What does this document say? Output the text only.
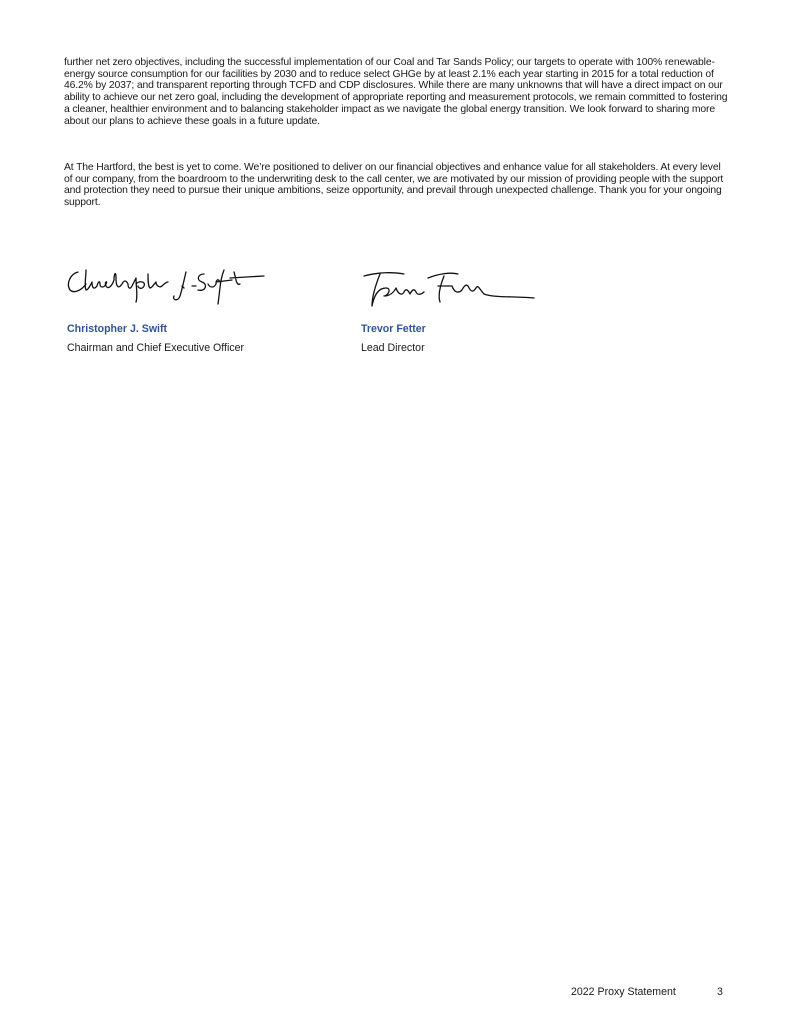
further net zero objectives, including the successful implementation of our Coal and Tar Sands Policy; our targets to operate with 100% renewable-energy source consumption for our facilities by 2030 and to reduce select GHGe by at least 2.1% each year starting in 2015 for a total reduction of 46.2% by 2037; and transparent reporting through TCFD and CDP disclosures. While there are many unknowns that will have a direct impact on our ability to achieve our net zero goal, including the development of appropriate reporting and measurement protocols, we remain committed to fostering a cleaner, healthier environment and to balancing stakeholder impact as we navigate the global energy transition. We look forward to sharing more about our plans to achieve these goals in a future update.

At The Hartford, the best is yet to come. We’re positioned to deliver on our financial objectives and enhance value for all stakeholders. At every level of our company, from the boardroom to the underwriting desk to the call center, we are motivated by our mission of providing people with the support and protection they need to pursue their unique ambitions, seize opportunity, and prevail through unexpected challenge. Thank you for your ongoing support.

Christopher J. Swift
Chairman and Chief Executive Officer
Trevor Fetter
Lead Director
2022 Proxy Statement	3
